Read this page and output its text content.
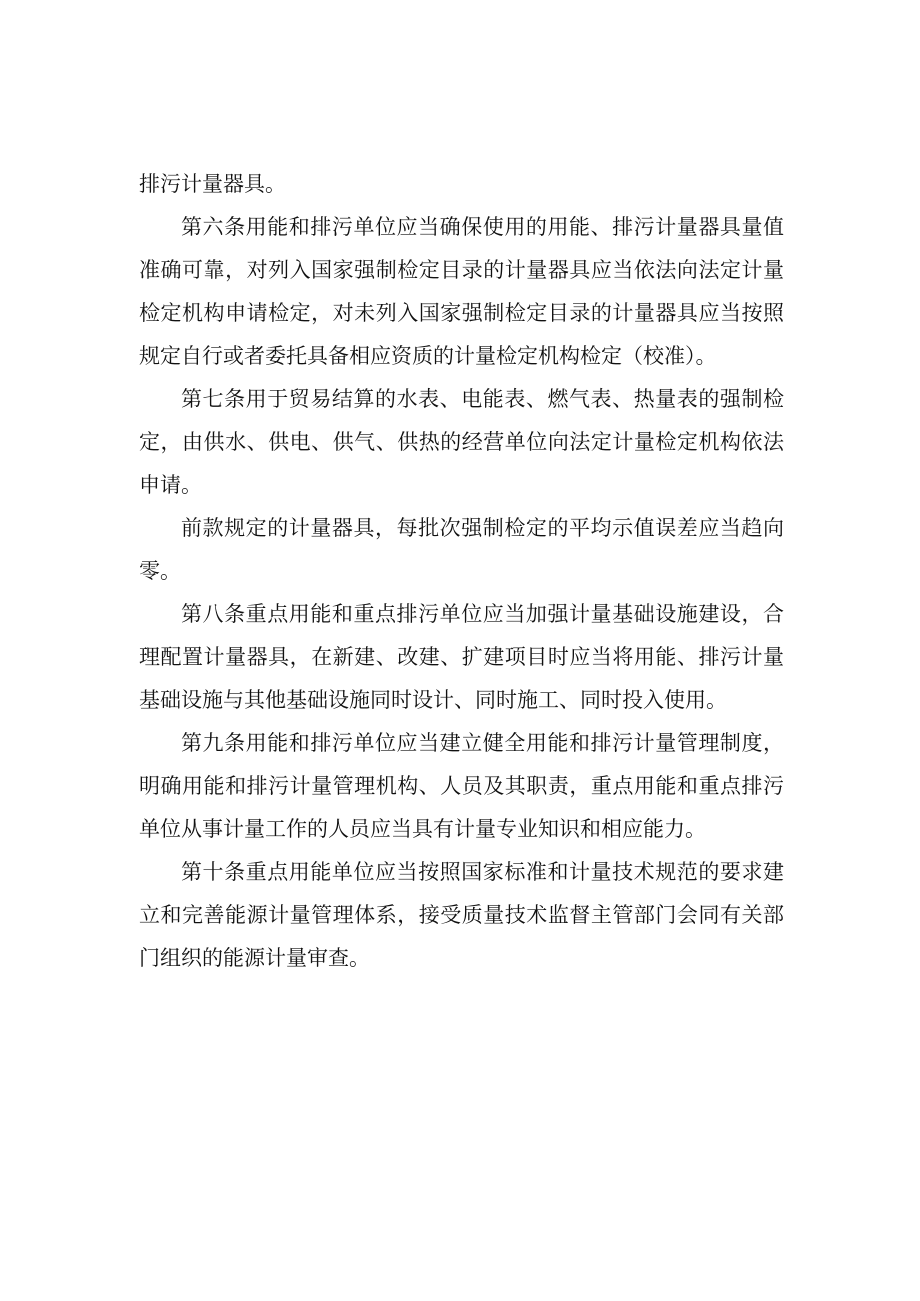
排污计量器具。

第六条用能和排污单位应当确保使用的用能、排污计量器具量值准确可靠，对列入国家强制检定目录的计量器具应当依法向法定计量检定机构申请检定，对未列入国家强制检定目录的计量器具应当按照规定自行或者委托具备相应资质的计量检定机构检定（校准）。

第七条用于贸易结算的水表、电能表、燃气表、热量表的强制检定，由供水、供电、供气、供热的经营单位向法定计量检定机构依法申请。

前款规定的计量器具，每批次强制检定的平均示值误差应当趋向零。

第八条重点用能和重点排污单位应当加强计量基础设施建设，合理配置计量器具，在新建、改建、扩建项目时应当将用能、排污计量基础设施与其他基础设施同时设计、同时施工、同时投入使用。

第九条用能和排污单位应当建立健全用能和排污计量管理制度，明确用能和排污计量管理机构、人员及其职责，重点用能和重点排污单位从事计量工作的人员应当具有计量专业知识和相应能力。

第十条重点用能单位应当按照国家标准和计量技术规范的要求建立和完善能源计量管理体系，接受质量技术监督主管部门会同有关部门组织的能源计量审查。
